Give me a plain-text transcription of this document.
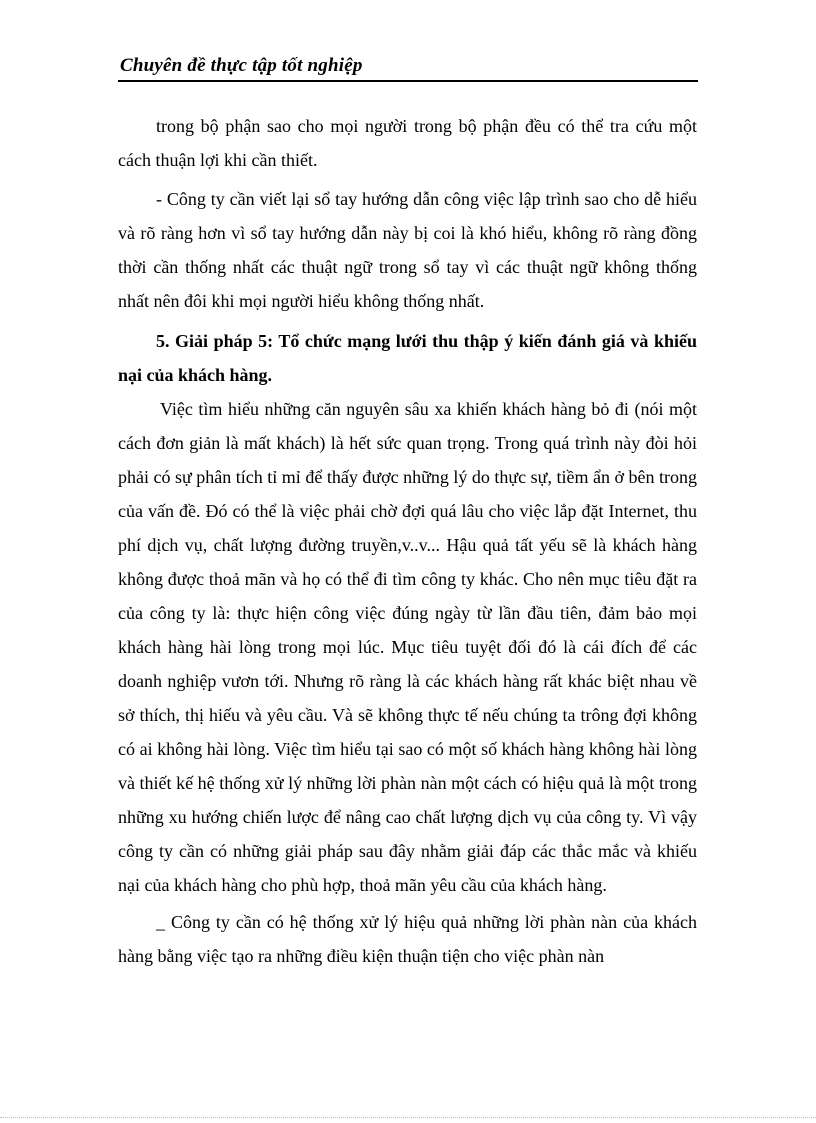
Chuyên đề thực tập tốt nghiệp

trong bộ phận sao cho mọi người trong bộ phận đều có thể tra cứu một cách thuận lợi khi cần thiết.

- Công ty cần viết lại sổ tay hướng dẫn công việc lập trình sao cho dễ hiểu và rõ ràng hơn vì sổ tay hướng dẫn này bị coi là khó hiểu, không rõ ràng đồng thời cần thống nhất các thuật ngữ trong sổ tay vì các thuật ngữ không thống nhất nên đôi khi mọi người hiểu không thống nhất.

5. Giải pháp 5: Tổ chức mạng lưới thu thập ý kiến đánh giá và khiếu nại của khách hàng.

Việc tìm hiểu những căn nguyên sâu xa khiến khách hàng bỏ đi (nói một cách đơn giản là mất khách) là hết sức quan trọng. Trong quá trình này đòi hỏi phải có sự phân tích tỉ mỉ để thấy được những lý do thực sự, tiềm ẩn ở bên trong của vấn đề. Đó có thể là việc phải chờ đợi quá lâu cho việc lắp đặt Internet, thu phí dịch vụ, chất lượng đường truyền,v..v... Hậu quả tất yếu sẽ là khách hàng không được thoả mãn và họ có thể đi tìm công ty khác. Cho nên mục tiêu đặt ra của công ty là: thực hiện công việc đúng ngày từ lần đầu tiên, đảm bảo mọi khách hàng hài lòng trong mọi lúc. Mục tiêu tuyệt đối đó là cái đích để các doanh nghiệp vươn tới. Nhưng rõ ràng là các khách hàng rất khác biệt nhau về sở thích, thị hiếu và yêu cầu. Và sẽ không thực tế nếu chúng ta trông đợi không có ai không hài lòng. Việc tìm hiểu tại sao có một số khách hàng không hài lòng và thiết kế hệ thống xử lý những lời phàn nàn một cách có hiệu quả là một trong những xu hướng chiến lược để nâng cao chất lượng dịch vụ của công ty. Vì vậy công ty cần có những giải pháp sau đây nhằm giải đáp các thắc mắc và khiếu nại của khách hàng cho phù hợp, thoả mãn yêu cầu của khách hàng.

_ Công ty cần có hệ thống xử lý hiệu quả những lời phàn nàn của khách hàng bằng việc tạo ra những điều kiện thuận tiện cho việc phàn nàn
